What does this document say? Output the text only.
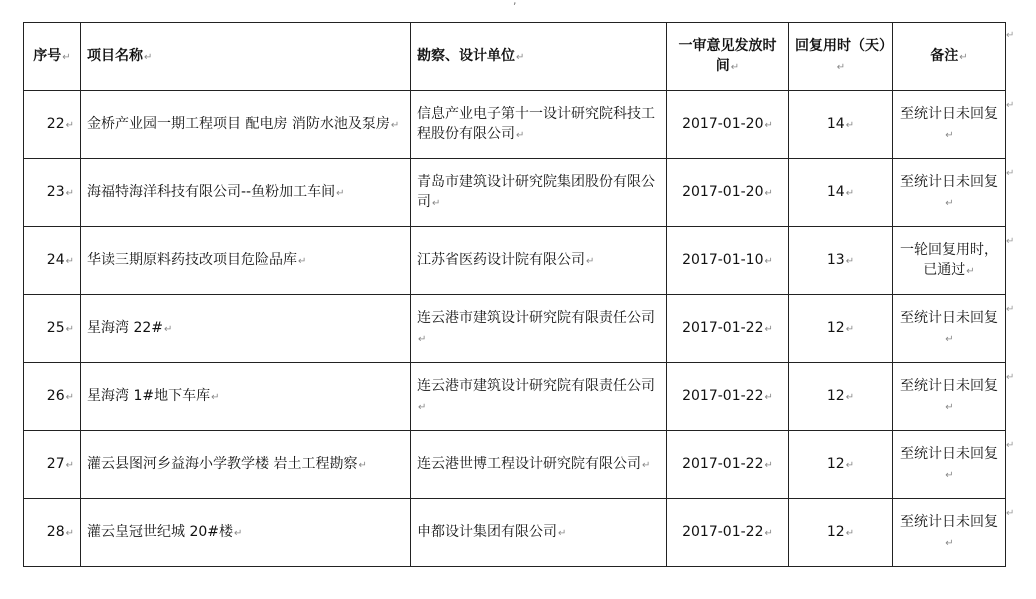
,
序号↵	项目名称↵	勘察、设计单位↵	一审意见发放时间↵	回复用时（天）↵	备注↵
22↵	金桥产业园一期工程项目 配电房 消防水池及泵房↵	信息产业电子第十一设计研究院科技工程股份有限公司↵	2017-01-20↵	14↵	至统计日未回复↵
23↵	海福特海洋科技有限公司--鱼粉加工车间↵	青岛市建筑设计研究院集团股份有限公司↵	2017-01-20↵	14↵	至统计日未回复↵
24↵	华读三期原料药技改项目危险品库↵	江苏省医药设计院有限公司↵	2017-01-10↵	13↵	一轮回复用时，已通过↵
25↵	星海湾 22#↵	连云港市建筑设计研究院有限责任公司↵	2017-01-22↵	12↵	至统计日未回复↵
26↵	星海湾 1#地下车库↵	连云港市建筑设计研究院有限责任公司↵	2017-01-22↵	12↵	至统计日未回复↵
27↵	灌云县图河乡益海小学教学楼 岩土工程勘察↵	连云港世博工程设计研究院有限公司↵	2017-01-22↵	12↵	至统计日未回复↵
28↵	灌云皇冠世纪城 20#楼↵	申都设计集团有限公司↵	2017-01-22↵	12↵	至统计日未回复↵
↵
↵
↵
↵
↵
↵
↵
↵
